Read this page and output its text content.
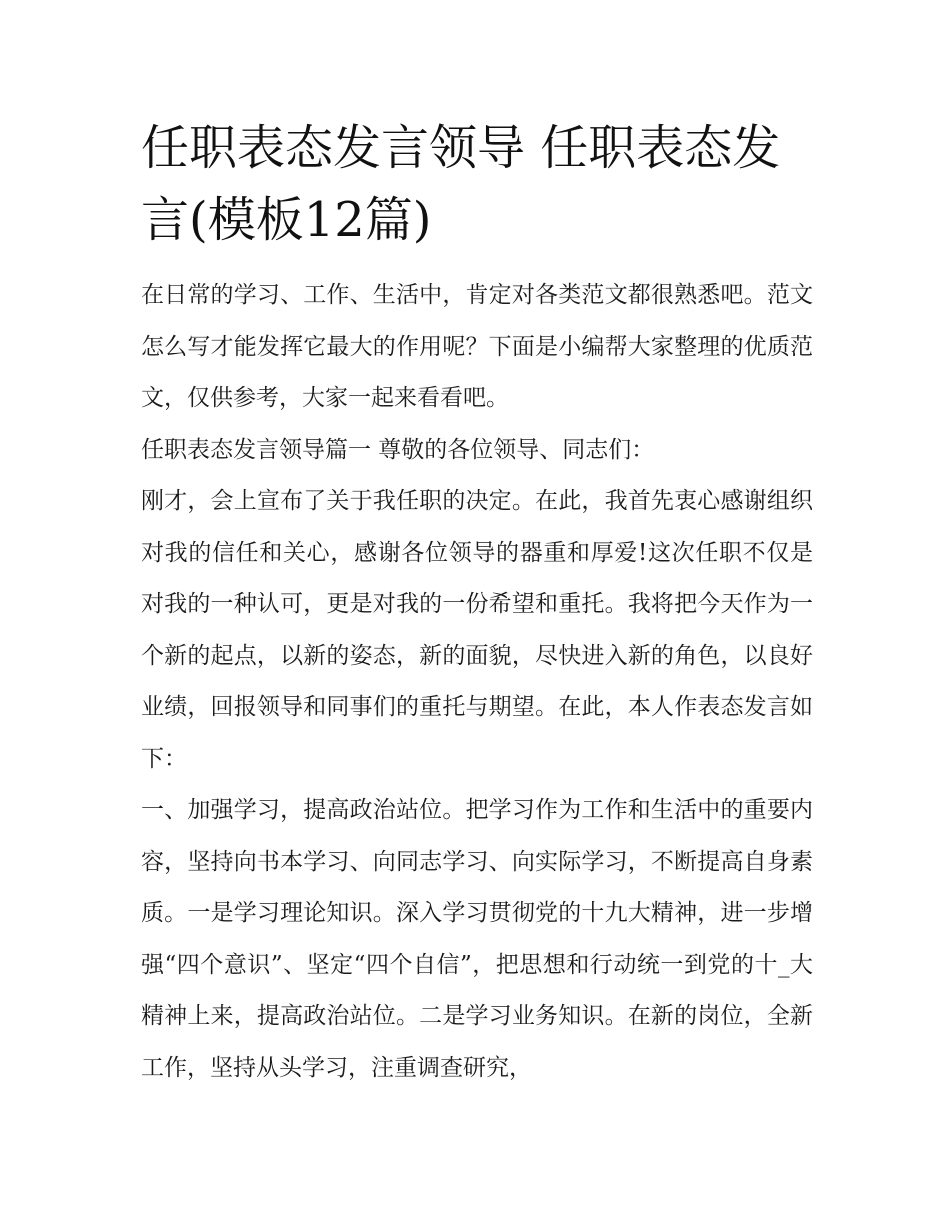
任职表态发言领导 任职表态发言(模板12篇)

在日常的学习、工作、生活中，肯定对各类范文都很熟悉吧。范文怎么写才能发挥它最大的作用呢？下面是小编帮大家整理的优质范文，仅供参考，大家一起来看看吧。

任职表态发言领导篇一 尊敬的各位领导、同志们：

刚才，会上宣布了关于我任职的决定。在此，我首先衷心感谢组织对我的信任和关心，感谢各位领导的器重和厚爱!这次任职不仅是对我的一种认可，更是对我的一份希望和重托。我将把今天作为一个新的起点，以新的姿态，新的面貌，尽快进入新的角色，以良好业绩，回报领导和同事们的重托与期望。在此，本人作表态发言如下：

一、加强学习，提高政治站位。把学习作为工作和生活中的重要内容，坚持向书本学习、向同志学习、向实际学习，不断提高自身素质。一是学习理论知识。深入学习贯彻党的十九大精神，进一步增强“四个意识”、坚定“四个自信”，把思想和行动统一到党的十_大精神上来，提高政治站位。二是学习业务知识。在新的岗位，全新工作，坚持从头学习，注重调查研究，
